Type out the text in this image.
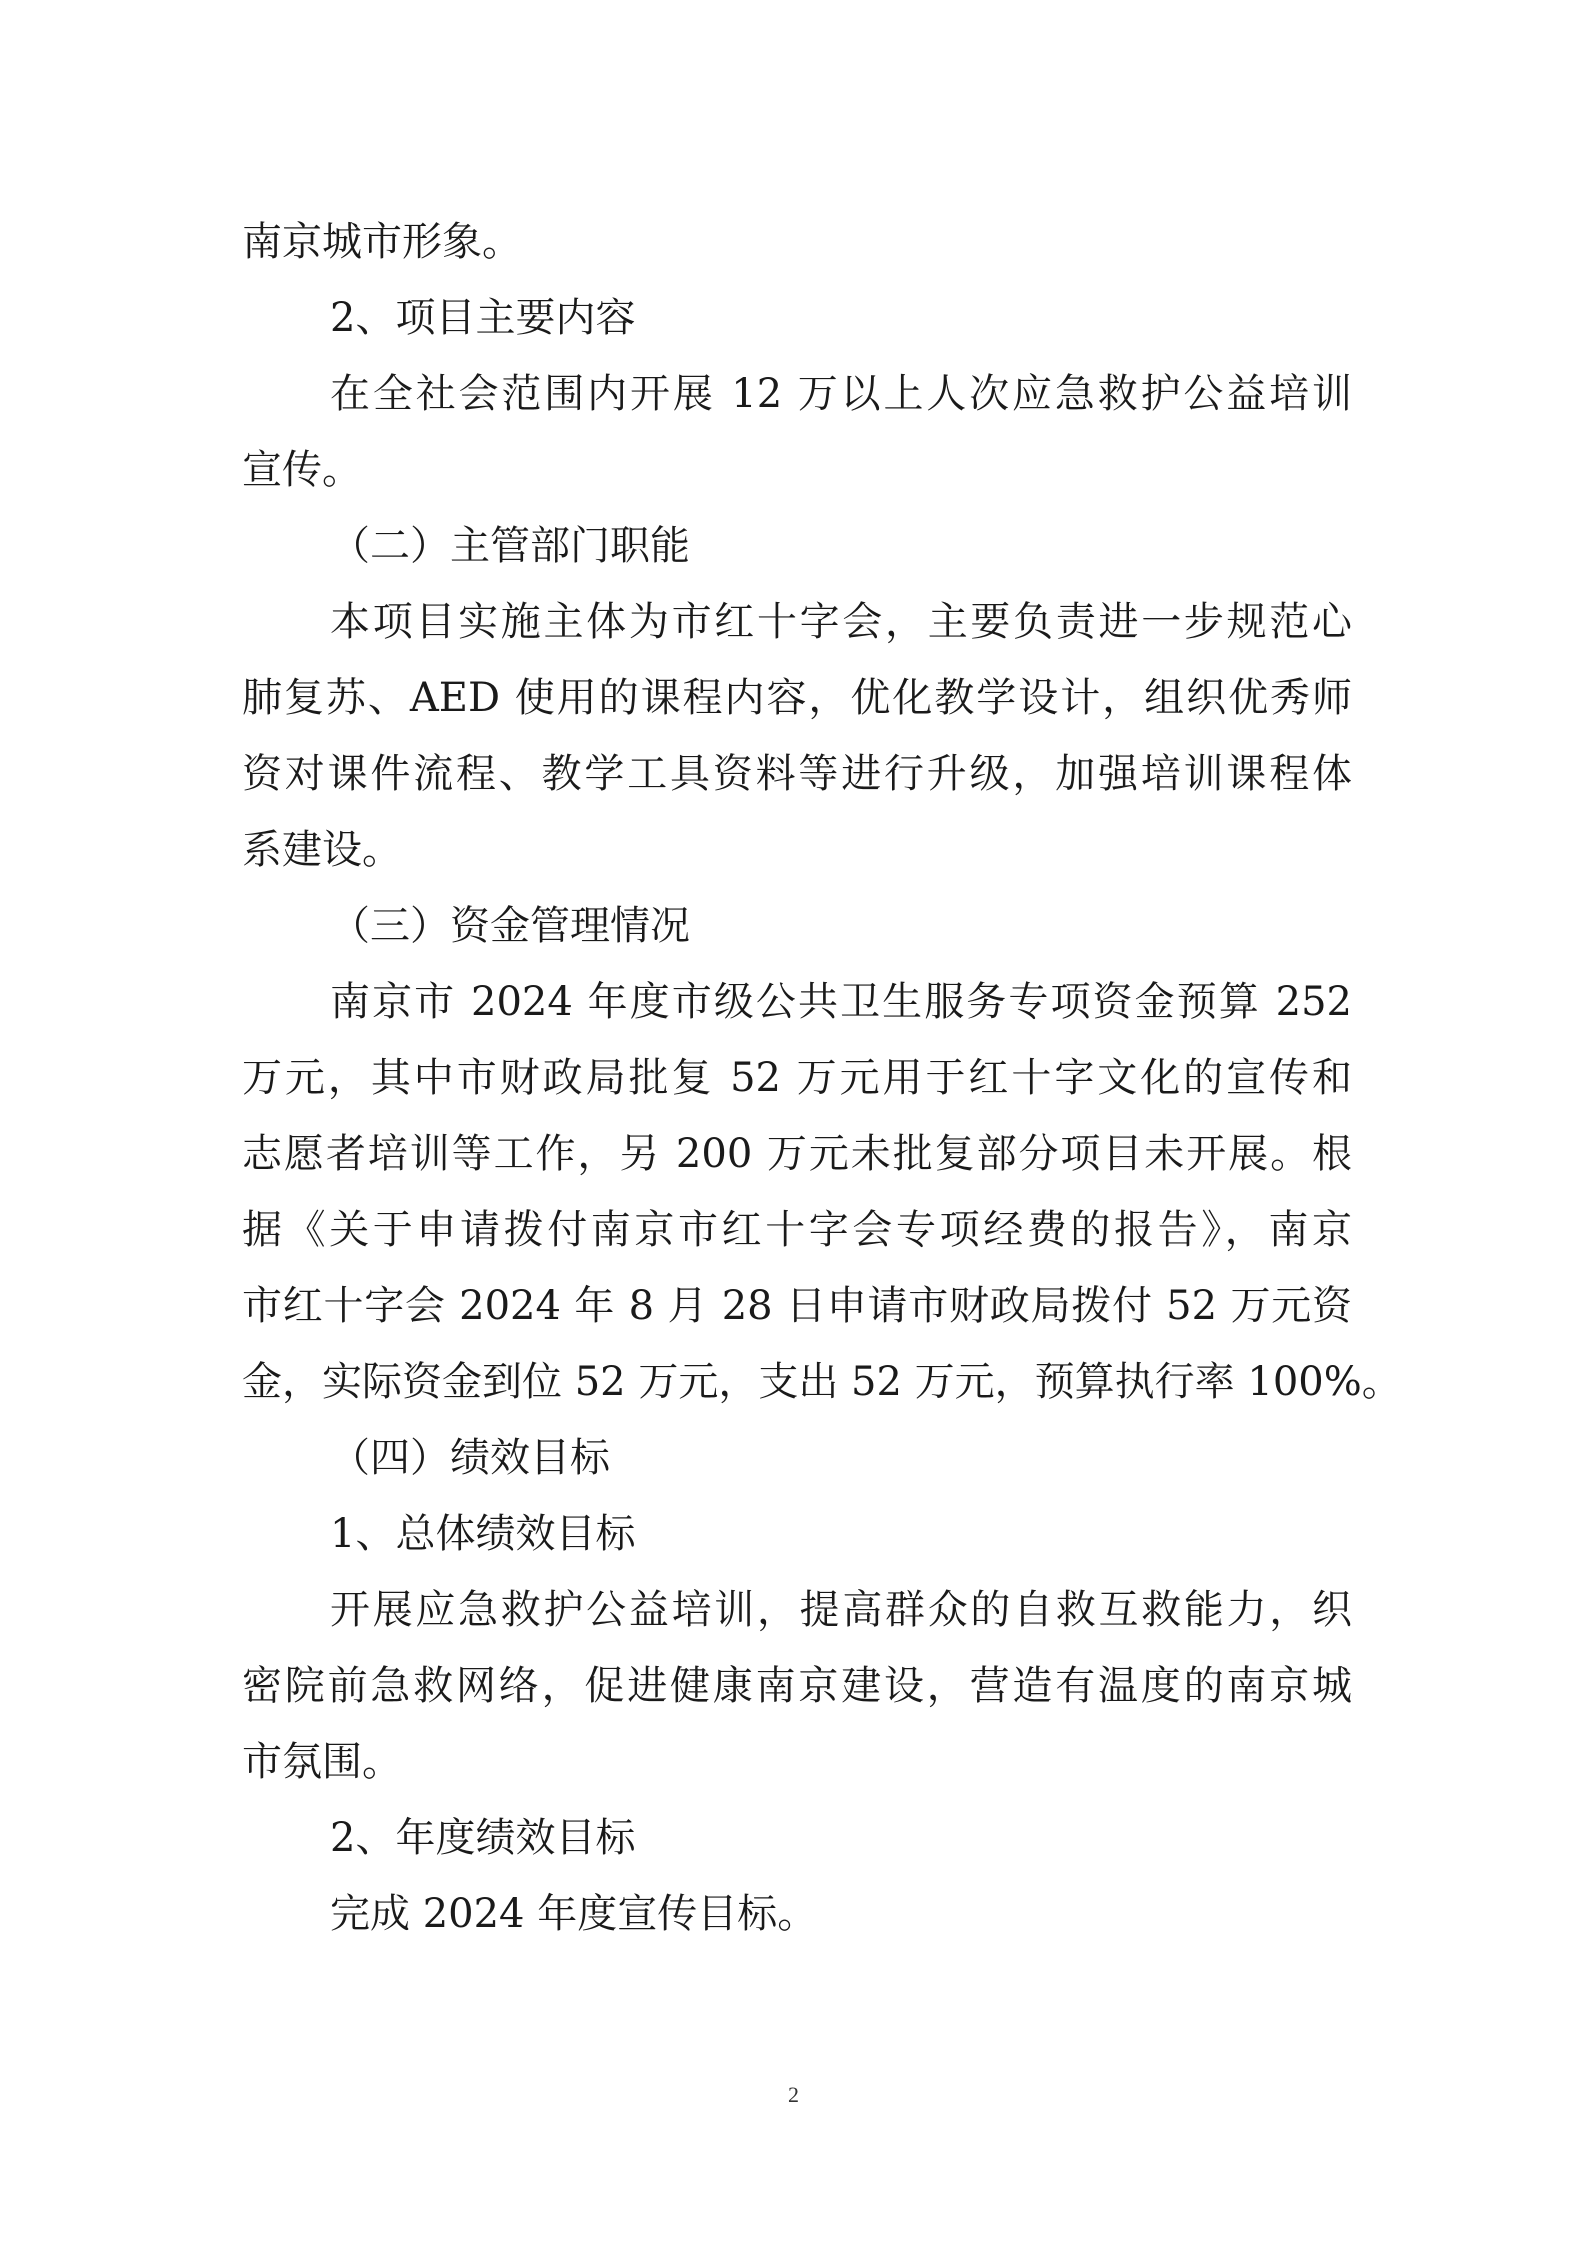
南京城市形象。
2、项目主要内容
在全社会范围内开展 12 万以上人次应急救护公益培训
宣传。
（二）主管部门职能
本项目实施主体为市红十字会，主要负责进一步规范心
肺复苏、AED 使用的课程内容，优化教学设计，组织优秀师
资对课件流程、教学工具资料等进行升级，加强培训课程体
系建设。
（三）资金管理情况
南京市 2024 年度市级公共卫生服务专项资金预算 252
万元，其中市财政局批复 52 万元用于红十字文化的宣传和
志愿者培训等工作，另 200 万元未批复部分项目未开展。根
据《关于申请拨付南京市红十字会专项经费的报告》，南京
市红十字会 2024 年 8 月 28 日申请市财政局拨付 52 万元资
金，实际资金到位 52 万元，支出 52 万元，预算执行率 100%。
（四）绩效目标
1、总体绩效目标
开展应急救护公益培训，提高群众的自救互救能力，织
密院前急救网络，促进健康南京建设，营造有温度的南京城
市氛围。
2、年度绩效目标
完成 2024 年度宣传目标。
2
